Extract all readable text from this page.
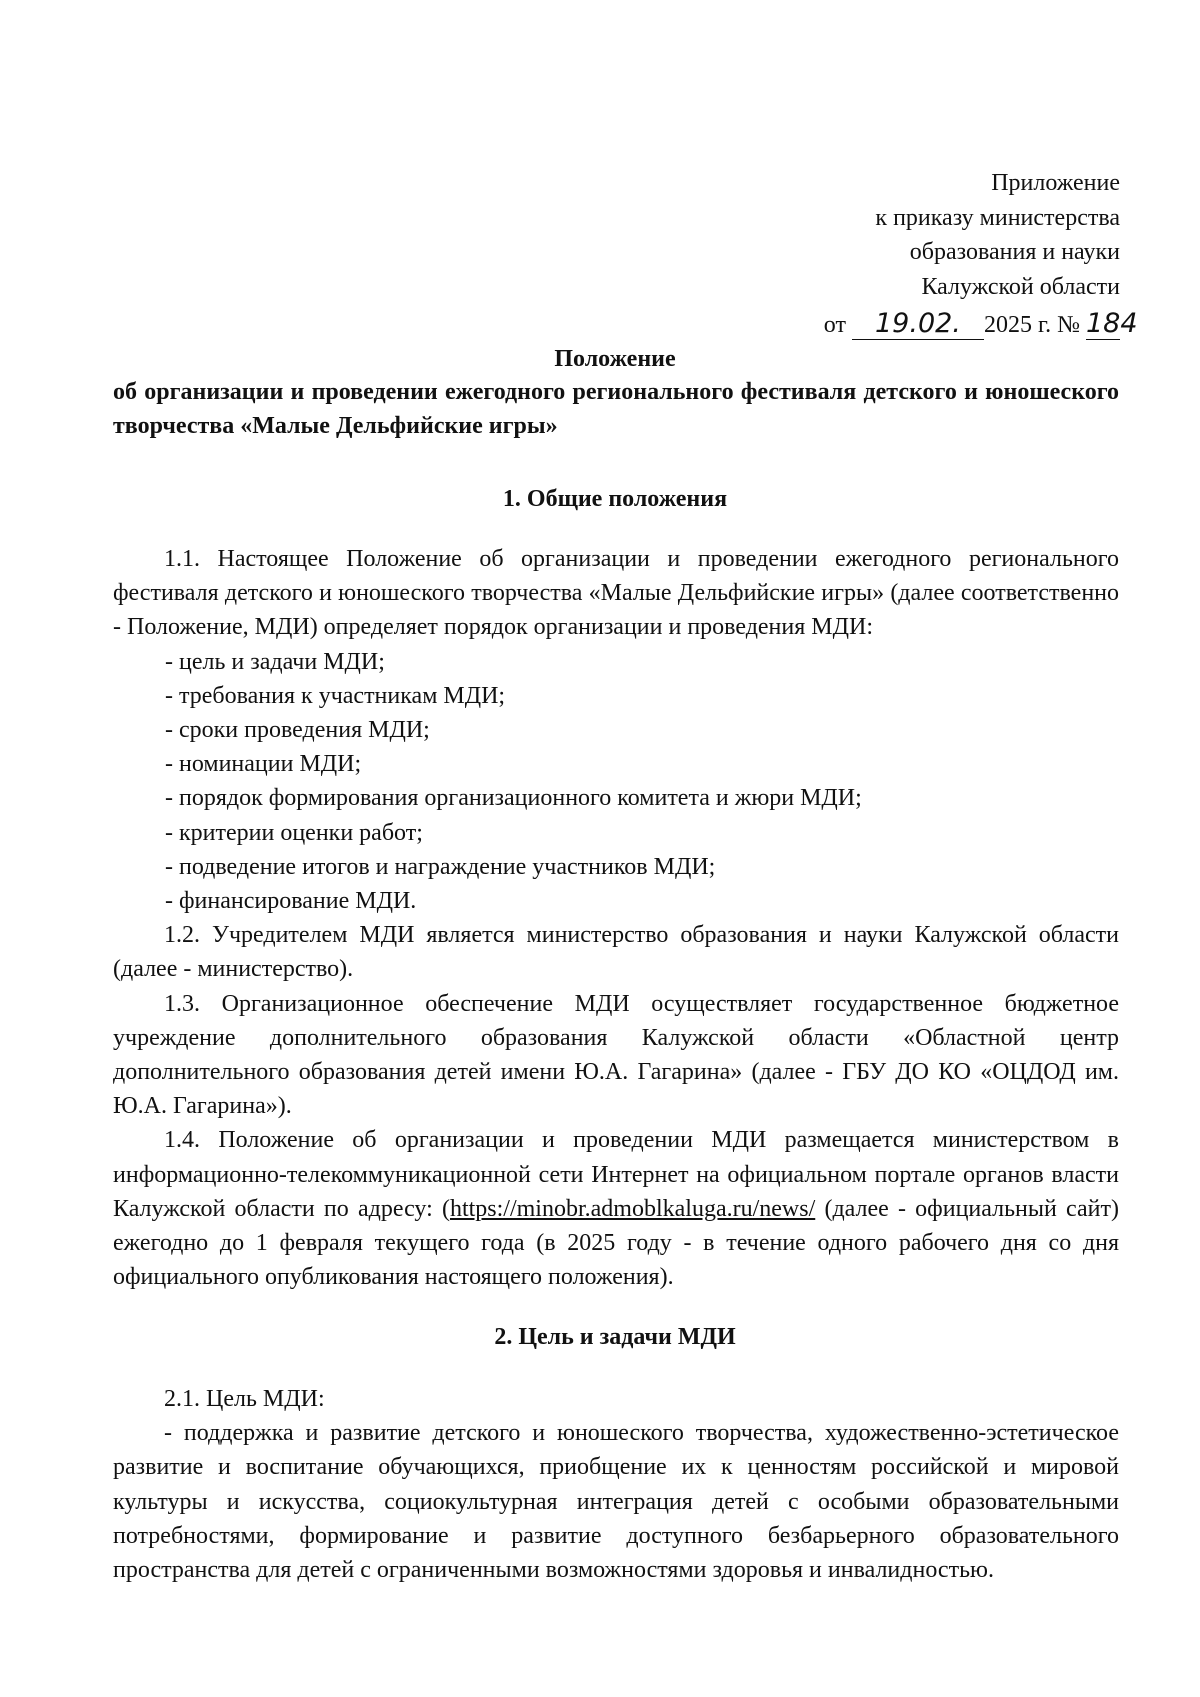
Приложение
к приказу министерства
образования и науки
Калужской области
от 19.02. 2025 г. № 184
Положение
об организации и проведении ежегодного регионального фестиваля детского и юношеского творчества «Малые Дельфийские игры»
1. Общие положения

1.1. Настоящее Положение об организации и проведении ежегодного регионального фестиваля детского и юношеского творчества «Малые Дельфийские игры» (далее соответственно - Положение, МДИ) определяет порядок организации и проведения МДИ:

- цель и задачи МДИ;
- требования к участникам МДИ;
- сроки проведения МДИ;
- номинации МДИ;
- порядок формирования организационного комитета и жюри МДИ;
- критерии оценки работ;
- подведение итогов и награждение участников МДИ;
- финансирование МДИ.

1.2. Учредителем МДИ является министерство образования и науки Калужской области (далее - министерство).

1.3. Организационное обеспечение МДИ осуществляет государственное бюджетное учреждение дополнительного образования Калужской области «Областной центр дополнительного образования детей имени Ю.А. Гагарина» (далее - ГБУ ДО КО «ОЦДОД им. Ю.А. Гагарина»).

1.4. Положение об организации и проведении МДИ размещается министерством в информационно-телекоммуникационной сети Интернет на официальном портале органов власти Калужской области по адресу: (https://minobr.admoblkaluga.ru/news/ (далее - официальный сайт) ежегодно до 1 февраля текущего года (в 2025 году - в течение одного рабочего дня со дня официального опубликования настоящего положения).

2. Цель и задачи МДИ

2.1. Цель МДИ:

- поддержка и развитие детского и юношеского творчества, художественно-эстетическое развитие и воспитание обучающихся, приобщение их к ценностям российской и мировой культуры и искусства, социокультурная интеграция детей с особыми образовательными потребностями, формирование и развитие доступного безбарьерного образовательного пространства для детей с ограниченными возможностями здоровья и инвалидностью.
